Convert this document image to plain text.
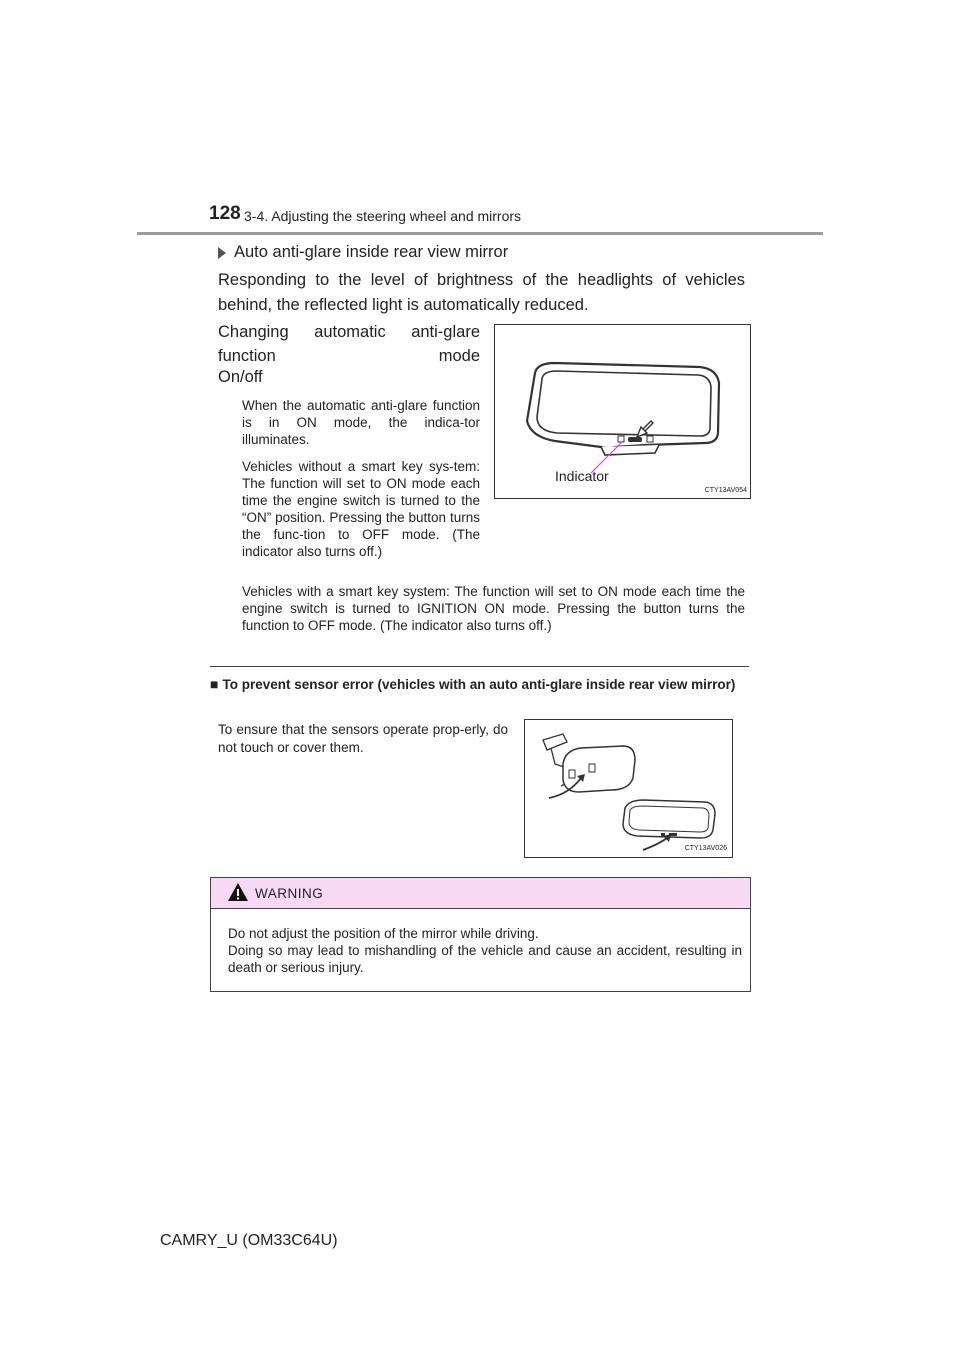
128 3-4. Adjusting the steering wheel and mirrors
Auto anti-glare inside rear view mirror
Responding to the level of brightness of the headlights of vehicles behind, the reflected light is automatically reduced.
Changing automatic anti-glare function mode
On/off
When the automatic anti-glare function is in ON mode, the indica-tor illuminates.
Vehicles without a smart key sys-tem: The function will set to ON mode each time the engine switch is turned to the “ON” position. Pressing the button turns the func-tion to OFF mode. (The indicator also turns off.)
Vehicles with a smart key system: The function will set to ON mode each time the engine switch is turned to IGNITION ON mode. Pressing the button turns the function to OFF mode. (The indicator also turns off.)
Indicator
CTY13AV054
■ To prevent sensor error (vehicles with an auto anti-glare inside rear view mirror)
To ensure that the sensors operate prop-erly, do not touch or cover them.
CTY13AV026
WARNING
Do not adjust the position of the mirror while driving.
Doing so may lead to mishandling of the vehicle and cause an accident, resulting in death or serious injury.
CAMRY_U (OM33C64U)
